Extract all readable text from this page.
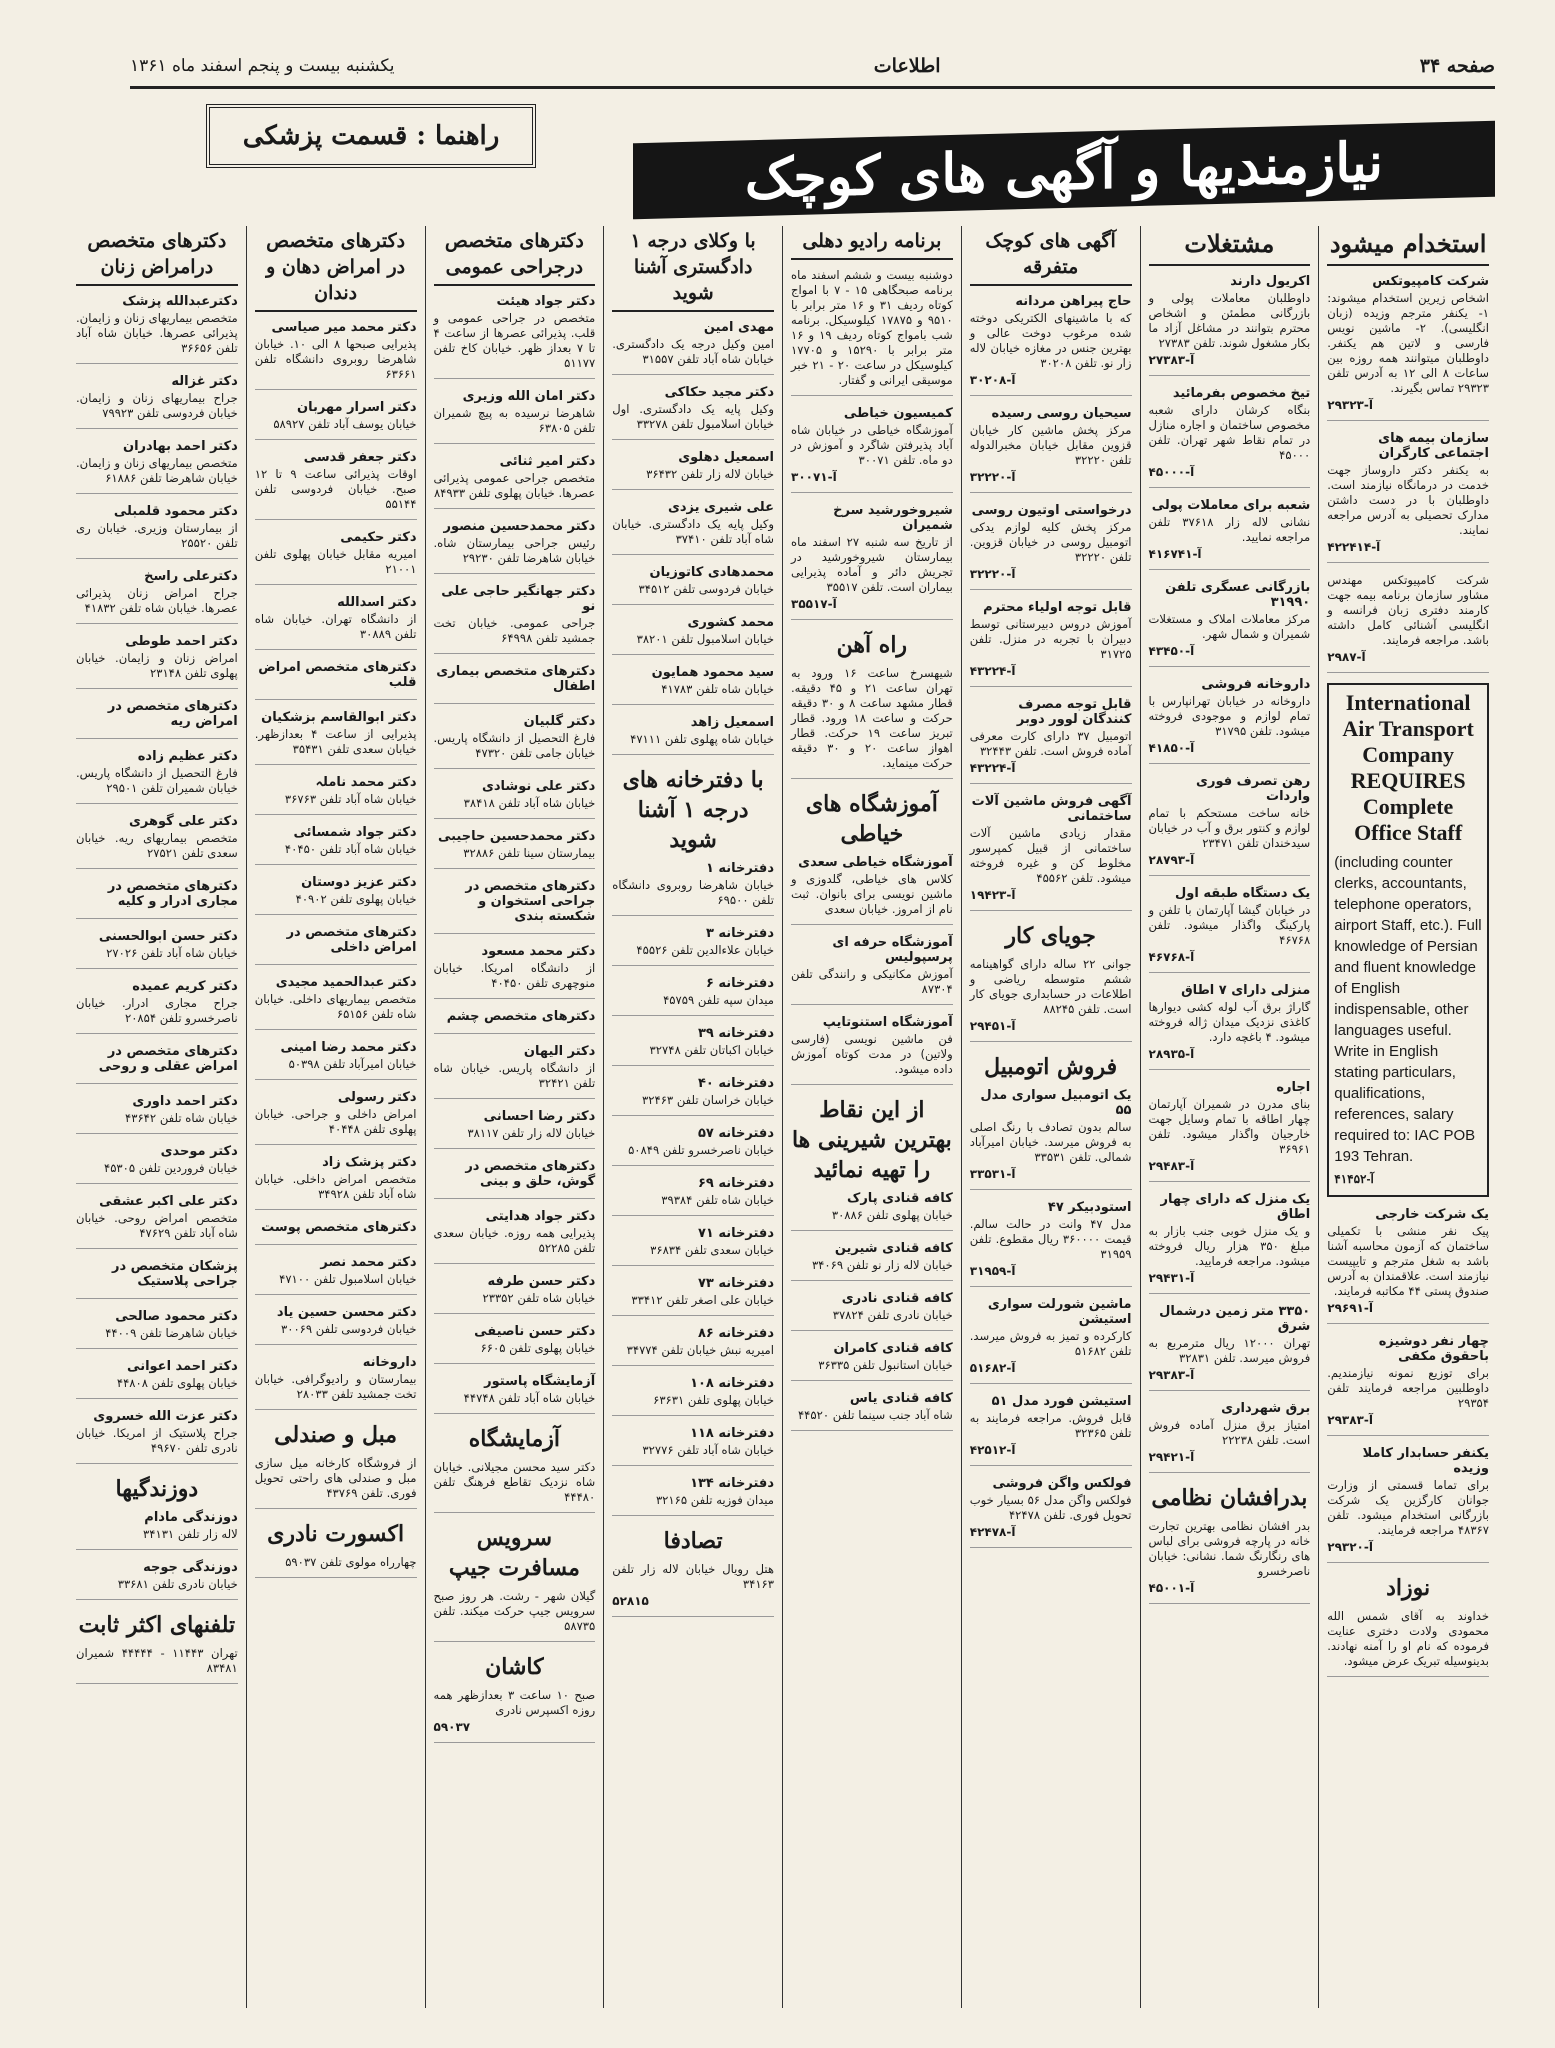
صفحه ۳۴
اطلاعات
یکشنبه بیست و پنجم اسفند ماه ۱۳۶۱
نیازمندیها و آگهی های کوچک
راهنما : قسمت پزشکی
استخدام میشود
شرکت کامپیوتکس
اشخاص زیرین استخدام میشوند: ۱- یکنفر مترجم وزیده (زبان انگلیسی). ۲- ماشین نویس فارسی و لاتین هم یکنفر. داوطلبان میتوانند همه روزه بین ساعات ۸ الی ۱۲ به آدرس تلفن ۲۹۳۲۳ تماس بگیرند.
آ-۲۹۳۲۳
سازمان بیمه های اجتماعی کارگران
به یکنفر دکتر داروساز جهت خدمت در درمانگاه نیازمند است. داوطلبان با در دست داشتن مدارک تحصیلی به آدرس مراجعه نمایند.
آ-۴۲۲۴۱۴
شرکت کامپیوتکس مهندس مشاور سازمان برنامه بیمه جهت کارمند دفتری زبان فرانسه و انگلیسی آشنائی کامل داشته باشد. مراجعه فرمایند.
آ-۲۹۸۷
International Air Transport Company REQUIRES Complete Office Staff
(including counter clerks, accountants, telephone operators, airport Staff, etc.). Full knowledge of Persian and fluent knowledge of English indispensable, other languages useful. Write in English stating particulars, qualifications, references, salary required to: IAC POB 193 Tehran.
آ-۴۱۴۵۲
یک شرکت خارجی
پیک نفر منشی با تکمیلی ساختمان که آزمون محاسبه آشنا باشد به شغل مترجم و تایپیست نیازمند است. علاقمندان به آدرس صندوق پستی ۴۴ مکاتبه فرمایند.
آ-۲۹۶۹۱
چهار نفر دوشیزه باحقوق مکفی
برای توزیع نمونه نیازمندیم. داوطلبین مراجعه فرمایند تلفن ۲۹۳۵۴
آ-۲۹۳۸۳
یکنفر حسابدار کاملا وزیده
برای تماما قسمتی از وزارت جوانان کارگزین یک شرکت بازرگانی استخدام میشود. تلفن ۴۸۳۶۷ مراجعه فرمایند.
آ-۲۹۳۲۰
نوزاد
خداوند به آقای شمس الله محمودی ولادت دختری عنایت فرموده که نام او را آمنه نهادند. بدینوسیله تبریک عرض میشود.
مشتغلات
اکریول دارند
داوطلبان معاملات پولی و بازرگانی مطمئن و اشخاص محترم بتوانند در مشاغل آزاد ما بکار مشغول شوند. تلفن ۲۷۳۸۳
آ-۲۷۳۸۳
تیخ مخصوص بفرمائید
بنگاه کرشان دارای شعبه مخصوص ساختمان و اجاره منازل در تمام نقاط شهر تهران. تلفن ۴۵۰۰۰
آ-۴۵۰۰۰
شعبه برای معاملات پولی
نشانی لاله زار ۳۷۶۱۸ تلفن مراجعه نمایید.
آ-۴۱۶۷۴۱
بازرگانی عسگری تلفن ۳۱۹۹۰
مرکز معاملات املاک و مستغلات شمیران و شمال شهر.
آ-۴۳۴۵۰
داروخانه فروشی
داروخانه در خیابان تهرانپارس با تمام لوازم و موجودی فروخته میشود. تلفن ۳۱۷۹۵
آ-۴۱۸۵۰
رهن تصرف فوری واردات
خانه ساخت مستحکم با تمام لوازم و کنتور برق و آب در خیابان سیدخندان تلفن ۲۳۴۷۱
آ-۲۸۷۹۳
یک دستگاه طبقه اول
در خیابان گیشا آپارتمان با تلفن و پارکینگ واگذار میشود. تلفن ۴۶۷۶۸
آ-۴۶۷۶۸
منزلی دارای ۷ اطاق
گاراژ برق آب لوله کشی دیوارها کاغذی نزدیک میدان ژاله فروخته میشود. ۴ باغچه دارد.
آ-۲۸۹۳۵
اجاره
بنای مدرن در شمیران آپارتمان چهار اطاقه با تمام وسایل جهت خارجیان واگذار میشود. تلفن ۳۶۹۶۱
آ-۲۹۴۸۳
یک منزل که دارای چهار اطاق
و یک منزل خوبی جنب بازار به مبلغ ۳۵۰ هزار ریال فروخته میشود. مراجعه فرمایید.
آ-۲۹۴۳۱
۳۳۵۰ متر زمین درشمال شرق
تهران ۱۲۰۰۰ ریال مترمربع به فروش میرسد. تلفن ۳۲۸۳۱
آ-۲۹۳۸۳
برق شهرداری
امتیاز برق منزل آماده فروش است. تلفن ۲۲۲۳۸
آ-۲۹۴۲۱
بدرافشان نظامی
بدر افشان نظامی بهترین تجارت خانه در پارچه فروشی برای لباس های رنگارنگ شما. نشانی: خیابان ناصرخسرو
آ-۴۵۰۰۱
آگهی های کوچک متفرقه
حاج پیراهن مردانه
که با ماشینهای الکتریکی دوخته شده مرغوب دوخت عالی و بهترین جنس در مغازه خیابان لاله زار نو. تلفن ۳۰۲۰۸
آ-۳۰۲۰۸
سیحیان روسی رسیده
مرکز پخش ماشین کار خیابان قزوین مقابل خیابان مخبرالدوله تلفن ۳۲۲۲۰
آ-۳۲۲۲۰
درخواستی اوتیون روسی
مرکز پخش کلیه لوازم یدکی اتومبیل روسی در خیابان قزوین. تلفن ۳۲۲۲۰
آ-۳۲۲۲۰
قابل توجه اولیاء محترم
آموزش دروس دبیرستانی توسط دبیران با تجربه در منزل. تلفن ۳۱۷۲۵
آ-۴۳۲۲۴
قابل توجه مصرف کنندگان لوور دوبر
اتومبیل ۳۷ دارای کارت معرفی آماده فروش است. تلفن ۳۲۴۴۳
آ-۴۳۲۲۴
آگهی فروش ماشین آلات ساختمانی
مقدار زیادی ماشین آلات ساختمانی از قبیل کمپرسور مخلوط کن و غیره فروخته میشود. تلفن ۴۵۵۶۲
آ-۱۹۴۲۳
جویای کار
جوانی ۲۲ ساله دارای گواهینامه ششم متوسطه ریاضی و اطلاعات در حسابداری جویای کار است. تلفن ۸۸۲۴۵
آ-۲۹۴۵۱
فروش اتومبیل
یک اتومبیل سواری مدل ۵۵
سالم بدون تصادف با رنگ اصلی به فروش میرسد. خیابان امیرآباد شمالی. تلفن ۳۳۵۳۱
آ-۳۳۵۳۱
استودبیکر ۴۷
مدل ۴۷ وانت در حالت سالم. قیمت ۳۶۰۰۰۰ ریال مقطوع. تلفن ۳۱۹۵۹
آ-۳۱۹۵۹
ماشین شورلت سواری استیشن
کارکرده و تمیز به فروش میرسد. تلفن ۵۱۶۸۲
آ-۵۱۶۸۲
استیشن فورد مدل ۵۱
قابل فروش. مراجعه فرمایند به تلفن ۳۲۳۶۵
آ-۴۲۵۱۲
فولکس واگن فروشی
فولکس واگن مدل ۵۶ بسیار خوب تحویل فوری. تلفن ۴۲۴۷۸
آ-۴۲۴۷۸
برنامه رادیو دهلی
دوشنبه بیست و ششم اسفند ماه برنامه صبحگاهی ۱۵ - ۷ با امواج کوتاه ردیف ۳۱ و ۱۶ متر برابر با ۹۵۱۰ و ۱۷۸۷۵ کیلوسیکل. برنامه شب بامواج کوتاه ردیف ۱۹ و ۱۶ متر برابر با ۱۵۲۹۰ و ۱۷۷۰۵ کیلوسیکل در ساعت ۲۰ - ۲۱ خبر موسیقی ایرانی و گفتار.
کمیسیون خیاطی
آموزشگاه خیاطی در خیابان شاه آباد پذیرفتن شاگرد و آموزش در دو ماه. تلفن ۳۰۰۷۱
آ-۳۰۰۷۱
شیروخورشید سرخ شمیران
از تاریخ سه شنبه ۲۷ اسفند ماه بیمارستان شیروخورشید در تجریش دائر و آماده پذیرایی بیماران است. تلفن ۳۵۵۱۷
آ-۳۵۵۱۷
راه آهن
شیهسرخ ساعت ۱۶ ورود به تهران ساعت ۲۱ و ۴۵ دقیقه. قطار مشهد ساعت ۸ و ۳۰ دقیقه حرکت و ساعت ۱۸ ورود. قطار تبریز ساعت ۱۹ حرکت. قطار اهواز ساعت ۲۰ و ۳۰ دقیقه حرکت مینماید.
آموزشگاه های خیاطی
آموزشگاه خیاطی سعدی
کلاس های خیاطی، گلدوزی و ماشین نویسی برای بانوان. ثبت نام از امروز. خیابان سعدی
آموزشگاه حرفه ای پرسپولیس
آموزش مکانیکی و رانندگی تلفن ۸۷۳۰۴
آموزشگاه استنوتایپ
فن ماشین نویسی (فارسی ولاتین) در مدت کوتاه آموزش داده میشود.
از این نقاط بهترین شیرینی ها را تهیه نمائید
کافه قنادی پارک
خیابان پهلوی تلفن ۳۰۸۸۶
کافه قنادی شیرین
خیابان لاله زار نو تلفن ۳۴۰۶۹
کافه قنادی نادری
خیابان نادری تلفن ۳۷۸۲۴
کافه قنادی کامران
خیابان استانبول تلفن ۳۶۳۳۵
کافه قنادی یاس
شاه آباد جنب سینما تلفن ۴۴۵۲۰
با وکلای درجه ۱ دادگستری آشنا شوید
مهدی امین
امین وکیل درجه یک دادگستری. خیابان شاه آباد تلفن ۳۱۵۵۷
دکتر مجید حکاکی
وکیل پایه یک دادگستری. اول خیابان اسلامبول تلفن ۳۳۲۷۸
اسمعیل دهلوی
خیابان لاله زار تلفن ۳۶۴۳۲
علی شیری یزدی
وکیل پایه یک دادگستری. خیابان شاه آباد تلفن ۳۷۴۱۰
محمدهادی کاتوزیان
خیابان فردوسی تلفن ۳۴۵۱۲
محمد کشوری
خیابان اسلامبول تلفن ۳۸۲۰۱
سید محمود همایون
خیابان شاه تلفن ۴۱۷۸۳
اسمعیل زاهد
خیابان شاه پهلوی تلفن ۴۷۱۱۱
با دفترخانه های درجه ۱ آشنا شوید
دفترخانه ۱
خیابان شاهرضا روبروی دانشگاه تلفن ۶۹۵۰۰
دفترخانه ۳
خیابان علاءالدین تلفن ۴۵۵۲۶
دفترخانه ۶
میدان سپه تلفن ۴۵۷۵۹
دفترخانه ۳۹
خیابان اکباتان تلفن ۳۲۷۴۸
دفترخانه ۴۰
خیابان خراسان تلفن ۳۲۴۶۳
دفترخانه ۵۷
خیابان ناصرخسرو تلفن ۵۰۸۴۹
دفترخانه ۶۹
خیابان شاه تلفن ۳۹۳۸۴
دفترخانه ۷۱
خیابان سعدی تلفن ۳۶۸۳۴
دفترخانه ۷۳
خیابان علی اصغر تلفن ۳۳۴۱۲
دفترخانه ۸۶
امیریه نبش خیابان تلفن ۳۴۷۷۴
دفترخانه ۱۰۸
خیابان پهلوی تلفن ۶۳۶۳۱
دفترخانه ۱۱۸
خیابان شاه آباد تلفن ۳۲۷۷۶
دفترخانه ۱۳۴
میدان فوزیه تلفن ۳۲۱۶۵
تصادفا
هتل رویال خیابان لاله زار تلفن ۳۴۱۶۳
۵۲۸۱۵
دکترهای متخصص درجراحی عمومی
دکتر جواد هیئت
متخصص در جراحی عمومی و قلب. پذیرائی عصرها از ساعت ۴ تا ۷ بعداز ظهر. خیابان کاخ تلفن ۵۱۱۷۷
دکتر امان الله وزیری
شاهرضا نرسیده به پیچ شمیران تلفن ۶۳۸۰۵
دکتر امیر ثنائی
متخصص جراحی عمومی پذیرائی عصرها. خیابان پهلوی تلفن ۸۴۹۳۳
دکتر محمدحسین منصور
رئیس جراحی بیمارستان شاه. خیابان شاهرضا تلفن ۲۹۲۳۰
دکتر جهانگیر حاجی علی نو
جراحی عمومی. خیابان تخت جمشید تلفن ۶۴۹۹۸
دکترهای متخصص بیماری اطفال
دکتر گلبیان
فارغ التحصیل از دانشگاه پاریس. خیابان جامی تلفن ۴۷۳۲۰
دکتر علی نوشادی
خیابان شاه آباد تلفن ۳۸۴۱۸
دکتر محمدحسین حاجیبی
بیمارستان سینا تلفن ۳۲۸۸۶
دکترهای متخصص در جراحی استخوان و شکسته بندی
دکتر محمد مسعود
از دانشگاه امریکا. خیابان منوچهری تلفن ۴۰۴۵۰
دکترهای متخصص چشم
دکتر الیهان
از دانشگاه پاریس. خیابان شاه تلفن ۳۲۴۲۱
دکتر رضا احسانی
خیابان لاله زار تلفن ۳۸۱۱۷
دکترهای متخصص در گوش، حلق و بینی
دکتر جواد هدایتی
پذیرایی همه روزه. خیابان سعدی تلفن ۵۲۲۸۵
دکتر حسن طرفه
خیابان شاه تلفن ۲۳۳۵۲
دکتر حسن ناصیفی
خیابان پهلوی تلفن ۶۶۰۵
آزمایشگاه پاستور
خیابان شاه آباد تلفن ۴۴۷۴۸
آزمایشگاه
دکتر سید محسن مجیلانی. خیابان شاه نزدیک تقاطع فرهنگ تلفن ۴۴۴۸۰
سرویس مسافرت جیپ
گیلان شهر - رشت. هر روز صبح سرویس جیپ حرکت میکند. تلفن ۵۸۷۳۵
کاشان
صبح ۱۰ ساعت ۳ بعدازظهر همه روزه اکسپرس نادری
۵۹۰۳۷
دکترهای متخصص در امراض دهان و دندان
دکتر محمد میر صیاسی
پذیرایی صبحها ۸ الی ۱۰. خیابان شاهرضا روبروی دانشگاه تلفن ۶۳۶۶۱
دکتر اسرار مهربان
خیابان یوسف آباد تلفن ۵۸۹۲۷
دکتر جعفر قدسی
اوقات پذیرائی ساعت ۹ تا ۱۲ صبح. خیابان فردوسی تلفن ۵۵۱۴۴
دکتر حکیمی
امیریه مقابل خیابان پهلوی تلفن ۲۱۰۰۱
دکتر اسدالله
از دانشگاه تهران. خیابان شاه تلفن ۳۰۸۸۹
دکترهای متخصص امراض قلب
دکتر ابوالقاسم بزشکیان
پذیرایی از ساعت ۴ بعدازظهر. خیابان سعدی تلفن ۳۵۴۳۱
دکتر محمد ناملہ
خیابان شاه آباد تلفن ۳۶۷۶۳
دکتر جواد شمسائی
خیابان شاه آباد تلفن ۴۰۴۵۰
دکتر عزیز دوستان
خیابان پهلوی تلفن ۴۰۹۰۲
دکترهای متخصص در امراض داخلی
دکتر عبدالحمید مجیدی
متخصص بیماریهای داخلی. خیابان شاه تلفن ۶۵۱۵۶
دکتر محمد رضا امینی
خیابان امیرآباد تلفن ۵۰۳۹۸
دکتر رسولی
امراض داخلی و جراحی. خیابان پهلوی تلفن ۴۰۴۴۸
دکتر پزشک زاد
متخصص امراض داخلی. خیابان شاه آباد تلفن ۳۴۹۲۸
دکترهای متخصص پوست
دکتر محمد نصر
خیابان اسلامبول تلفن ۴۷۱۰۰
دکتر محسن حسین یاد
خیابان فردوسی تلفن ۳۰۰۶۹
داروخانه
بیمارستان و رادیوگرافی. خیابان تخت جمشید تلفن ۲۸۰۳۳
مبل و صندلی
از فروشگاه کارخانه میل سازی مبل و صندلی های راحتی تحویل فوری. تلفن ۴۳۷۶۹
اکسورت نادری
چهارراه مولوی تلفن ۵۹۰۳۷
دکترهای متخصص درامراض زنان
دکترعبدالله پزشک
متخصص بیماریهای زنان و زایمان. پذیرائی عصرها. خیابان شاه آباد تلفن ۳۶۶۵۶
دکتر غزاله
جراح بیماریهای زنان و زایمان. خیابان فردوسی تلفن ۷۹۹۲۳
دکتر احمد بهادران
متخصص بیماریهای زنان و زایمان. خیابان شاهرضا تلفن ۶۱۸۸۶
دکتر محمود قلمبلی
از بیمارستان وزیری. خیابان ری تلفن ۲۵۵۲۰
دکترعلی راسخ
جراح امراض زنان پذیرائی عصرها. خیابان شاه تلفن ۴۱۸۳۲
دکتر احمد طوطی
امراض زنان و زایمان. خیابان پهلوی تلفن ۲۳۱۴۸
دکترهای متخصص در امراض ریه
دکتر عظیم زاده
فارغ التحصیل از دانشگاه پاریس. خیابان شمیران تلفن ۲۹۵۰۱
دکتر علی گوهری
متخصص بیماریهای ریه. خیابان سعدی تلفن ۲۷۵۲۱
دکترهای متخصص در مجاری ادرار و کلیه
دکتر حسن ابوالحسنی
خیابان شاه آباد تلفن ۲۷۰۲۶
دکتر کریم عمیده
جراح مجاری ادرار. خیابان ناصرخسرو تلفن ۲۰۸۵۴
دکترهای متخصص در امراض عقلی و روحی
دکتر احمد داوری
خیابان شاه تلفن ۴۳۶۴۲
دکتر موحدی
خیابان فروردین تلفن ۴۵۳۰۵
دکتر علی اکبر عشقی
متخصص امراض روحی. خیابان شاه آباد تلفن ۴۷۶۲۹
پزشکان متخصص در جراحی پلاستیک
دکتر محمود صالحی
خیابان شاهرضا تلفن ۴۴۰۰۹
دکتر احمد اعوانی
خیابان پهلوی تلفن ۴۴۸۰۸
دکتر عزت الله خسروی
جراح پلاستیک از امریکا. خیابان نادری تلفن ۴۹۶۷۰
دوزندگیها
دوزندگی مادام
لاله زار تلفن ۳۴۱۳۱
دوزندگی جوجه
خیابان نادری تلفن ۳۳۶۸۱
تلفنهای اکثر ثابت
تهران ۱۱۴۴۳ - ۴۴۴۴۴ شمیران ۸۳۴۸۱
